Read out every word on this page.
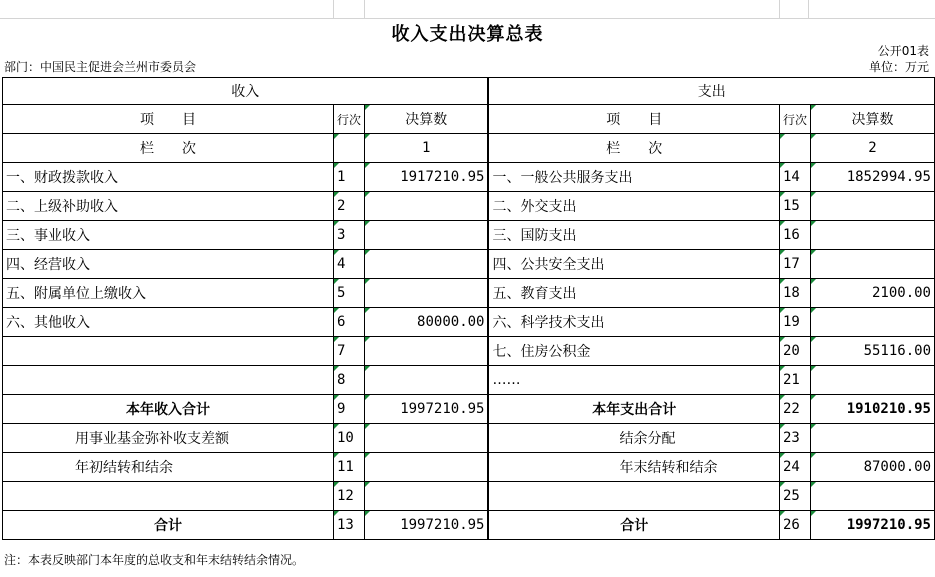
收入支出决算总表
公开01表
部门：中国民主促进会兰州市委员会	单位：万元
收入			支出		
项　　目	行次	决算数	项　　目	行次	决算数
栏　　次		1	栏　　次		2
一、财政拨款收入	1	1917210.95	一、一般公共服务支出	14	1852994.95
二、上级补助收入	2		二、外交支出	15	
三、事业收入	3		三、国防支出	16	
四、经营收入	4		四、公共安全支出	17	
五、附属单位上缴收入	5		五、教育支出	18	2100.00
六、其他收入	6	80000.00	六、科学技术支出	19	
	7		七、住房公积金	20	55116.00
	8		……	21	
本年收入合计	9	1997210.95	本年支出合计	22	1910210.95
用事业基金弥补收支差额	10		结余分配	23	
年初结转和结余	11		年末结转和结余	24	87000.00
	12			25	
合计	13	1997210.95	合计	26	1997210.95
注：本表反映部门本年度的总收支和年末结转结余情况。
